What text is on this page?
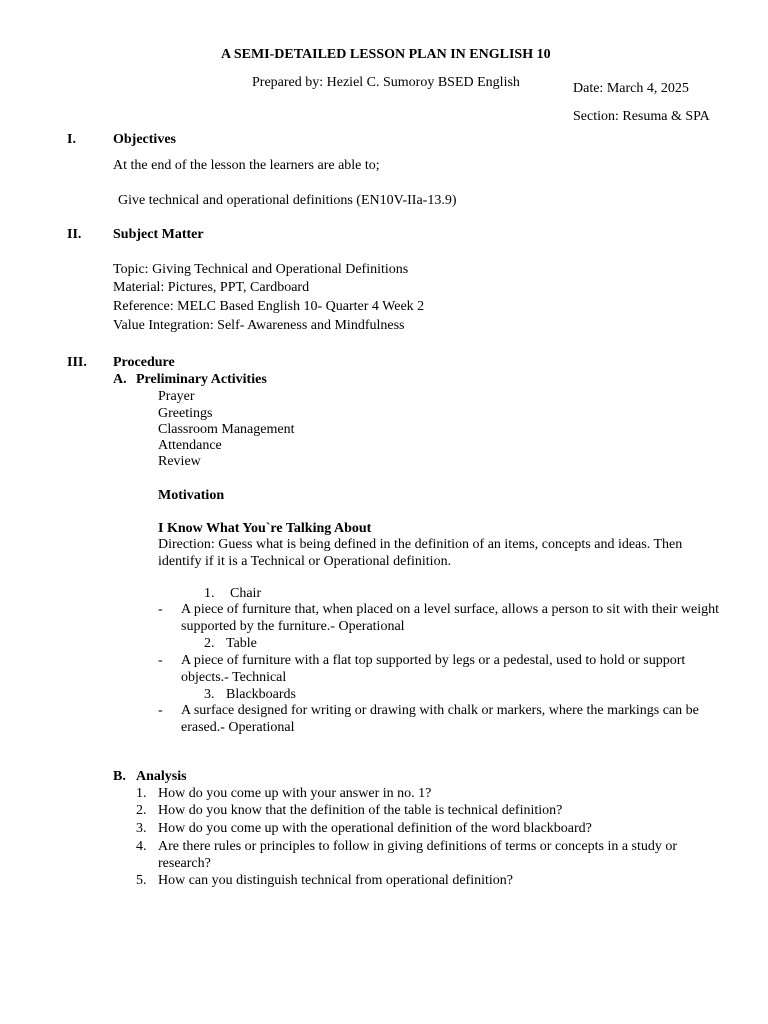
A SEMI-DETAILED LESSON PLAN IN ENGLISH 10
Prepared by: Heziel C. Sumoroy BSED English	Date: March 4, 2025
Section: Resuma & SPA
I.	Objectives
At the end of the lesson the learners are able to;
Give technical and operational definitions (EN10V-IIa-13.9)
II. Subject Matter
Topic: Giving Technical and Operational Definitions
Material: Pictures, PPT, Cardboard
Reference: MELC Based English 10- Quarter 4 Week 2
Value Integration: Self- Awareness and Mindfulness
III. Procedure
A. Preliminary Activities
Prayer
Greetings
Classroom Management
Attendance
Review
Motivation
I Know What You`re Talking About
Direction: Guess what is being defined in the definition of an items, concepts and ideas. Then identify if it is a Technical or Operational definition.
1. Chair
- A piece of furniture that, when placed on a level surface, allows a person to sit with their weight supported by the furniture.- Operational
2. Table
- A piece of furniture with a flat top supported by legs or a pedestal, used to hold or support objects.- Technical
3. Blackboards
- A surface designed for writing or drawing with chalk or markers, where the markings can be erased.- Operational
B. Analysis
1. How do you come up with your answer in no. 1?
2. How do you know that the definition of the table is technical definition?
3. How do you come up with the operational definition of the word blackboard?
4. Are there rules or principles to follow in giving definitions of terms or concepts in a study or research?
5. How can you distinguish technical from operational definition?
